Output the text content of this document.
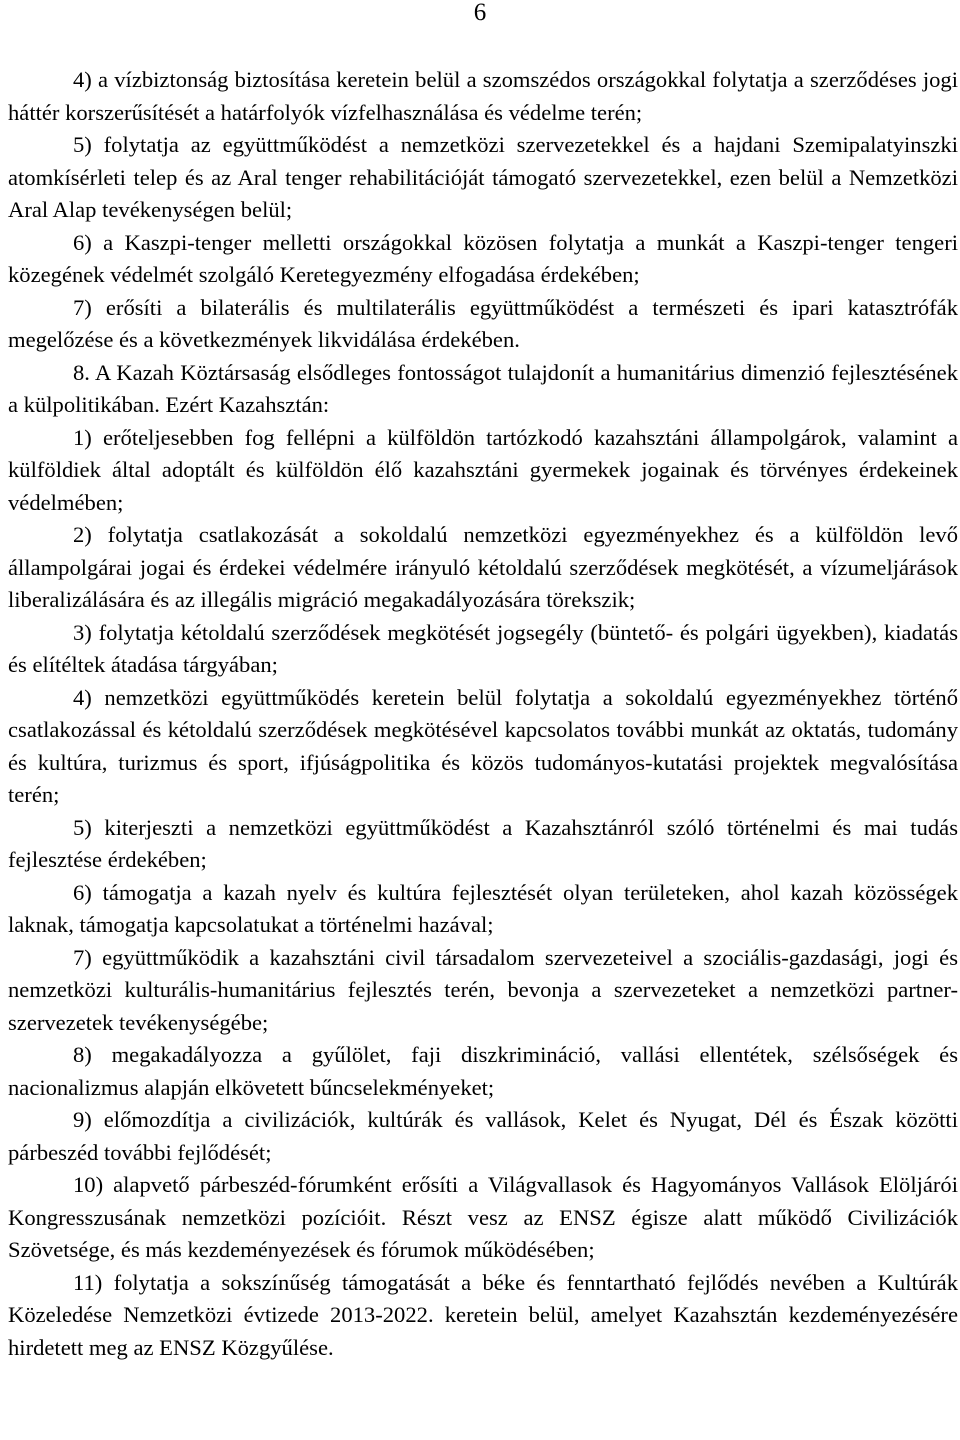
6

4) a vízbiztonság biztosítása keretein belül a szomszédos országokkal folytatja a szerződéses jogi háttér korszerűsítését a határfolyók vízfelhasználása és védelme terén;

5) folytatja az együttműködést a nemzetközi szervezetekkel és a hajdani Szemipalatyinszki atomkísérleti telep és az Aral tenger rehabilitációját támogató szervezetekkel, ezen belül a Nemzetközi Aral Alap tevékenységen belül;

6) a Kaszpi-tenger melletti országokkal közösen folytatja a munkát a Kaszpi-tenger tengeri közegének védelmét szolgáló Keretegyezmény elfogadása érdekében;

7) erősíti a bilaterális és multilaterális együttműködést a természeti és ipari katasztrófák megelőzése és a következmények likvidálása érdekében.

8. A Kazah Köztársaság elsődleges fontosságot tulajdonít a humanitárius dimenzió fejlesztésének a külpolitikában. Ezért Kazahsztán:

1) erőteljesebben fog fellépni a külföldön tartózkodó kazahsztáni állampolgárok, valamint a külföldiek által adoptált és külföldön élő kazahsztáni gyermekek jogainak és törvényes érdekeinek védelmében;

2) folytatja csatlakozását a sokoldalú nemzetközi egyezményekhez és a külföldön levő állampolgárai jogai és érdekei védelmére irányuló kétoldalú szerződések megkötését, a vízumeljárások liberalizálására és az illegális migráció megakadályozására törekszik;

3) folytatja kétoldalú szerződések megkötését jogsegély (büntető- és polgári ügyekben), kiadatás és elítéltek átadása tárgyában;

4) nemzetközi együttműködés keretein belül folytatja a sokoldalú egyezményekhez történő csatlakozással és kétoldalú szerződések megkötésével kapcsolatos további munkát az oktatás, tudomány és kultúra, turizmus és sport, ifjúságpolitika és közös tudományos-kutatási projektek megvalósítása terén;

5) kiterjeszti a nemzetközi együttműködést a Kazahsztánról szóló történelmi és mai tudás fejlesztése érdekében;

6) támogatja a kazah nyelv és kultúra fejlesztését olyan területeken, ahol kazah közösségek laknak, támogatja kapcsolatukat a történelmi hazával;

7) együttműködik a kazahsztáni civil társadalom szervezeteivel a szociális-gazdasági, jogi és nemzetközi kulturális-humanitárius fejlesztés terén, bevonja a szervezeteket a nemzetközi partner-szervezetek tevékenységébe;

8) megakadályozza a gyűlölet, faji diszkrimináció, vallási ellentétek, szélsőségek és nacionalizmus alapján elkövetett bűncselekményeket;

9) előmozdítja a civilizációk, kultúrák és vallások, Kelet és Nyugat, Dél és Észak közötti párbeszéd további fejlődését;

10) alapvető párbeszéd-fórumként erősíti a Világvallasok és Hagyományos Vallások Elöljárói Kongresszusának nemzetközi pozícióit. Részt vesz az ENSZ égisze alatt működő Civilizációk Szövetsége, és más kezdeményezések és fórumok működésében;

11) folytatja a sokszínűség támogatását a béke és fenntartható fejlődés nevében a Kultúrák Közeledése Nemzetközi évtizede 2013-2022. keretein belül, amelyet Kazahsztán kezdeményezésére hirdetett meg az ENSZ Közgyűlése.
